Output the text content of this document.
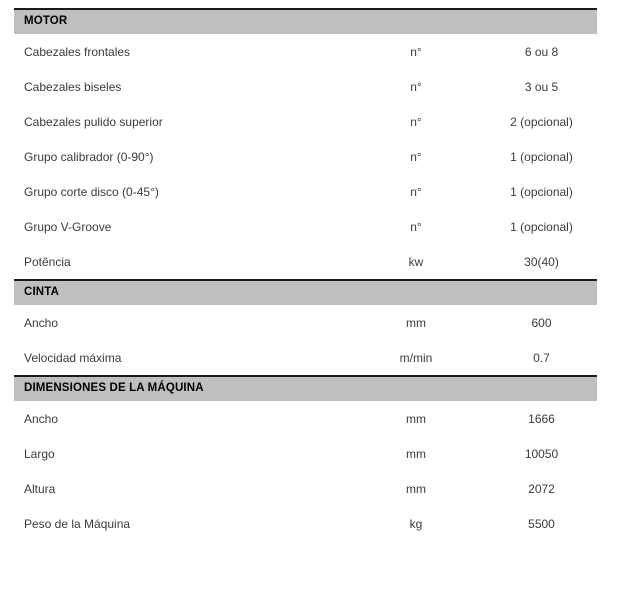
MOTOR
Cabezales frontales	n°	6 ou 8
Cabezales biseles	n°	3 ou 5
Cabezales pulido superior	n°	2 (opcional)
Grupo calibrador (0-90°)	n°	1 (opcional)
Grupo corte disco (0-45°)	n°	1 (opcional)
Grupo V-Groove	n°	1 (opcional)
Potência	kw	30(40)
CINTA
Ancho	mm	600
Velocidad máxima	m/min	0.7
DIMENSIONES DE LA MÁQUINA
Ancho	mm	1666
Largo	mm	10050
Altura	mm	2072
Peso de la Máquina	kg	5500
